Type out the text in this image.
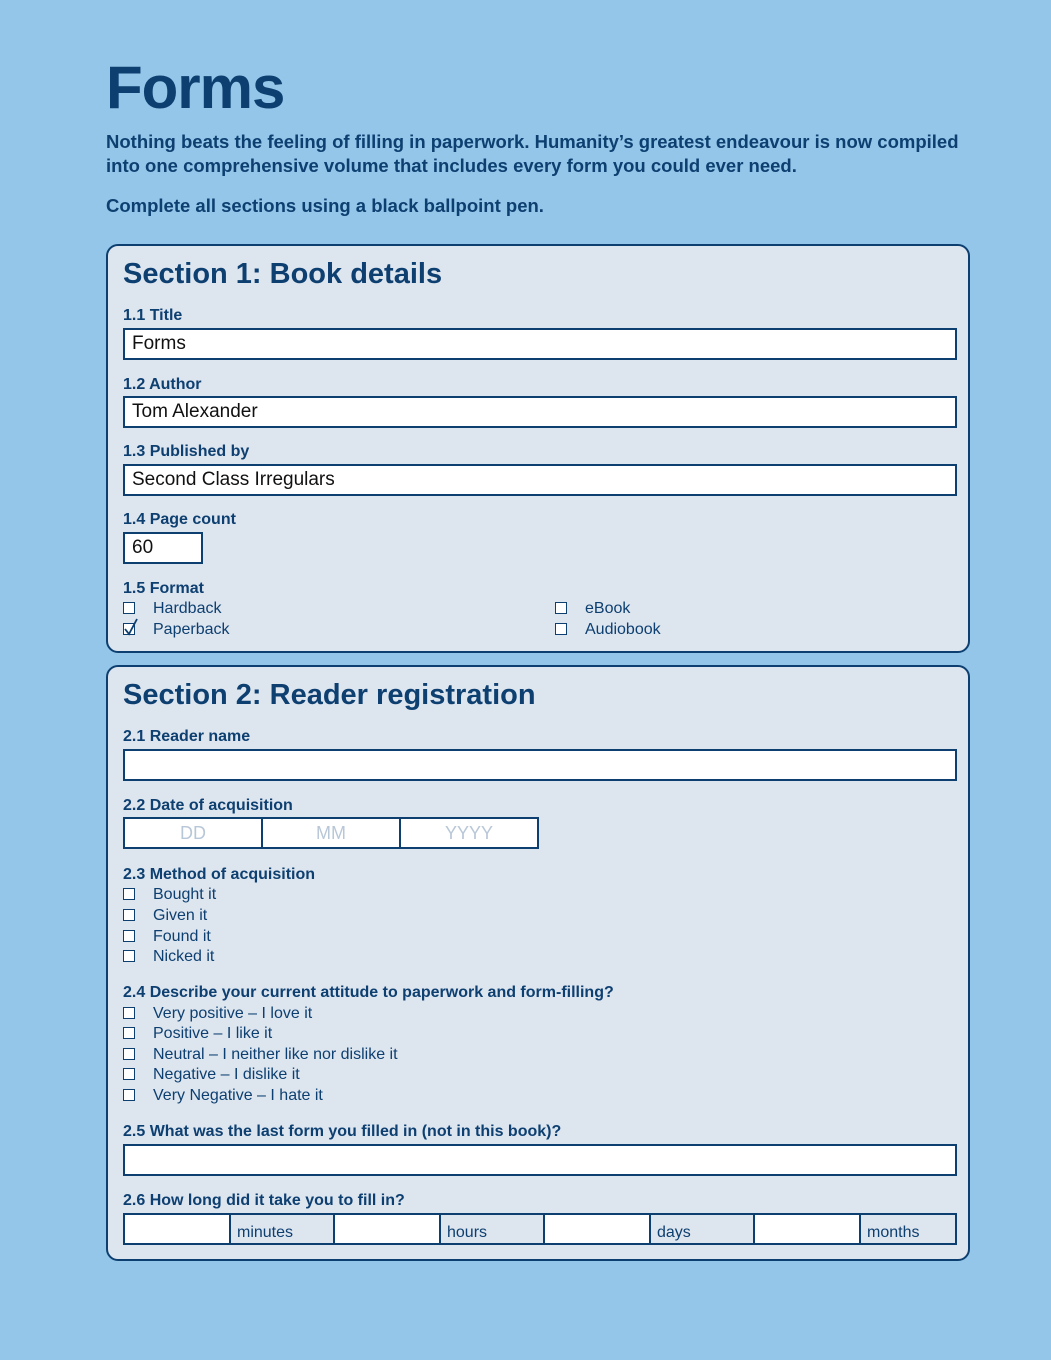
Forms

Nothing beats the feeling of filling in paperwork. Humanity’s greatest endeavour is now compiled into one comprehensive volume that includes every form you could ever need.

Complete all sections using a black ballpoint pen.

Section 1: Book details
1.1 Title
Forms
1.2 Author
Tom Alexander
1.3 Published by
Second Class Irregulars
1.4 Page count
60
1.5 Format
Hardback
Paperback
eBook
Audiobook
Section 2: Reader registration
2.1 Reader name
2.2 Date of acquisition
DD	MM	YYYY
2.3 Method of acquisition
Bought it
Given it
Found it
Nicked it
2.4 Describe your current attitude to paperwork and form-filling?
Very positive – I love it
Positive – I like it
Neutral – I neither like nor dislike it
Negative – I dislike it
Very Negative – I hate it
2.5 What was the last form you filled in (not in this book)?
2.6 How long did it take you to fill in?
minutes	hours	days	months
